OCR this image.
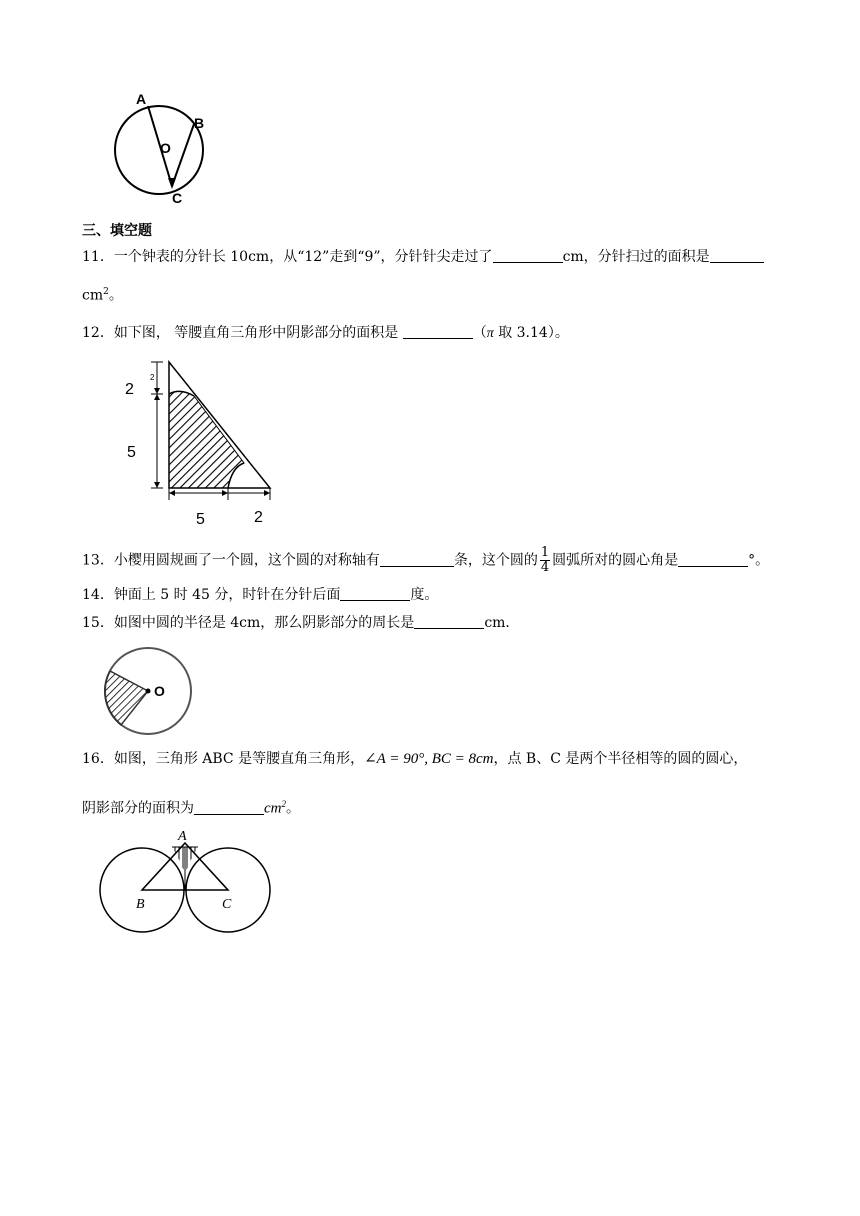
A
B
O
C
三、填空题
11．一个钟表的分针长 10cm，从“12”走到“9”，分针针尖走过了	cm，分针扫过的面积是
$cm^2$。
12．如下图， 等腰直角三角形中阴影部分的面积是	（π 取 3.14）。
2
2
5
5	2
13．小樱用圆规画了一个圆，这个圆的对称轴有	条，这个圆的 $\frac{1}{4}$ 圆弧所对的圆心角是	°。
14．钟面上 5 时 45 分，时针在分针后面	度。
15．如图中圆的半径是 4cm，那么阴影部分的周长是	cm．
O
16．如图，三角形 ABC 是等腰直角三角形，∠A = 90°, BC = 8cm，点 B、C 是两个半径相等的圆的圆心，
阴影部分的面积为	$cm^2$。
A
B	C
